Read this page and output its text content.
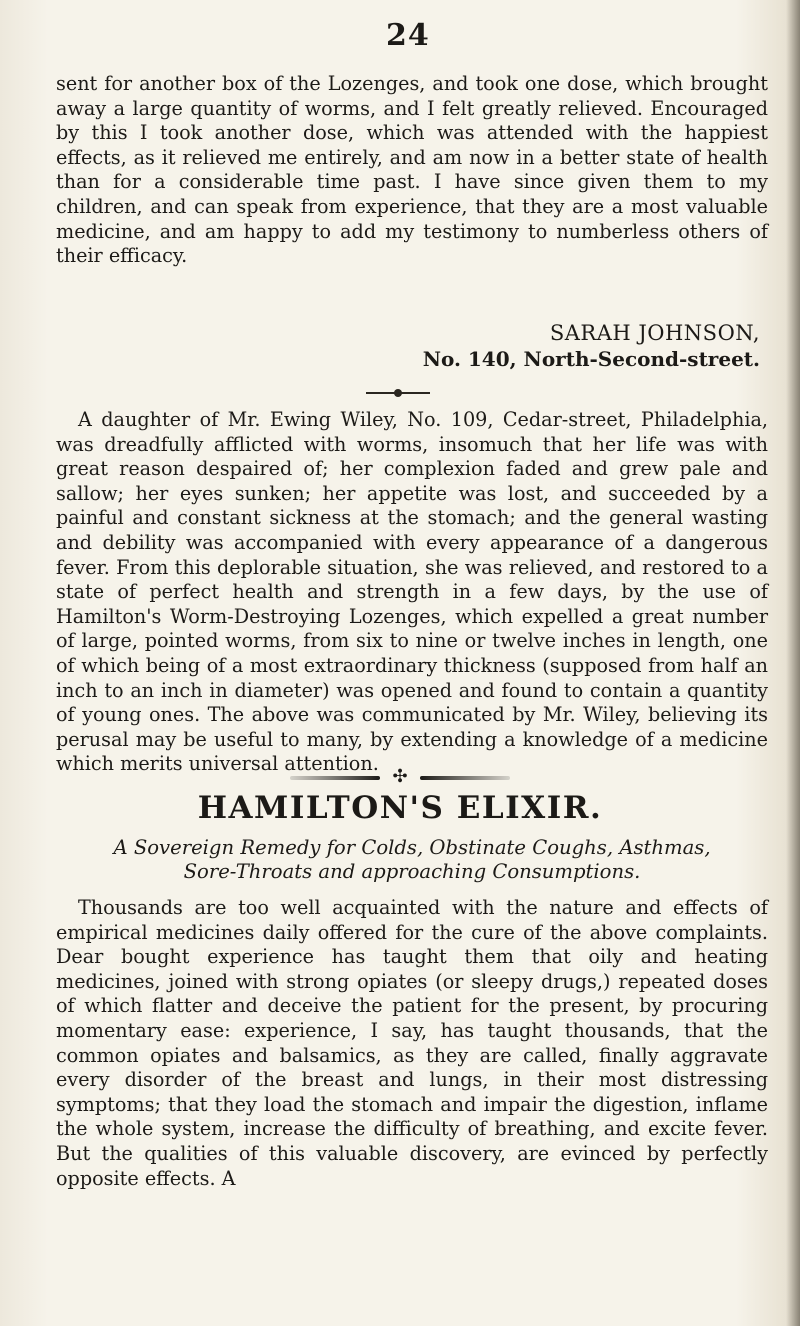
24

sent for another box of the Lozenges, and took one dose, which brought away a large quantity of worms, and I felt greatly relieved. Encouraged by this I took another dose, which was attended with the happiest effects, as it relieved me entirely, and am now in a better state of health than for a considerable time past. I have since given them to my children, and can speak from experience, that they are a most valuable medicine, and am happy to add my testimony to numberless others of their efficacy.

SARAH JOHNSON,
No. 140, North-Second-street.

A daughter of Mr. Ewing Wiley, No. 109, Cedar-street, Philadelphia, was dreadfully afflicted with worms, insomuch that her life was with great reason despaired of; her complexion faded and grew pale and sallow; her eyes sunken; her appetite was lost, and succeeded by a painful and constant sickness at the stomach; and the general wasting and debility was accompanied with every appearance of a dangerous fever. From this deplorable situation, she was relieved, and restored to a state of perfect health and strength in a few days, by the use of Hamilton's Worm-Destroying Lozenges, which expelled a great number of large, pointed worms, from six to nine or twelve inches in length, one of which being of a most extraordinary thickness (supposed from half an inch to an inch in diameter) was opened and found to contain a quantity of young ones. The above was communicated by Mr. Wiley, believing its perusal may be useful to many, by extending a knowledge of a medicine which merits universal attention.

✣
HAMILTON'S ELIXIR.
A Sovereign Remedy for Colds, Obstinate Coughs, Asthmas,
Sore-Throats and approaching Consumptions.

Thousands are too well acquainted with the nature and effects of empirical medicines daily offered for the cure of the above complaints. Dear bought experience has taught them that oily and heating medicines, joined with strong opiates (or sleepy drugs,) repeated doses of which flatter and deceive the patient for the present, by procuring momentary ease: experience, I say, has taught thousands, that the common opiates and balsamics, as they are called, finally aggravate every disorder of the breast and lungs, in their most distressing symptoms; that they load the stomach and impair the digestion, inflame the whole system, increase the difficulty of breathing, and excite fever. But the qualities of this valuable discovery, are evinced by perfectly opposite effects. A
